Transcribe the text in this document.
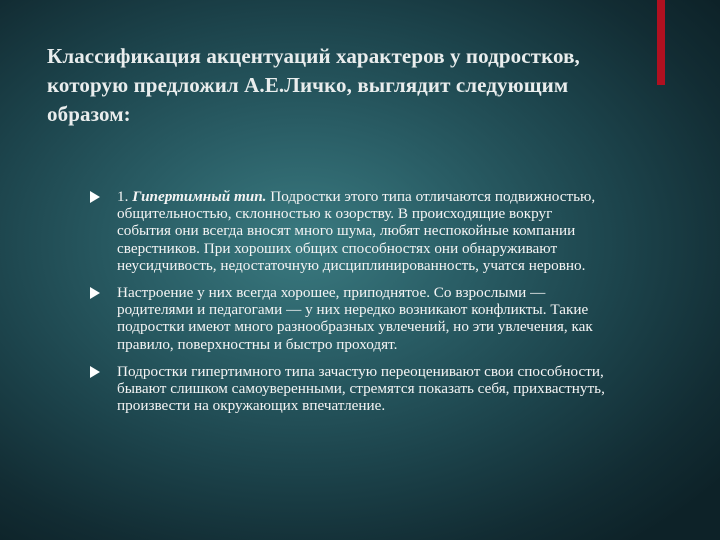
Классификация акцентуаций характеров у подростков, которую предложил А.Е.Личко, выглядит следующим образом:
1. Гипертимный тип. Подростки этого типа отличаются подвижностью, общительностью, склонностью к озорству. В происходящие вокруг события они всегда вносят много шума, любят неспокойные компании сверстников. При хороших общих способностях они обнаруживают неусидчивость, недостаточную дисциплинированность, учатся неровно.
Настроение у них всегда хорошее, приподнятое. Со взрослыми — родителями и педагогами — у них нередко возникают конфликты. Такие подростки имеют много разнообразных увлечений, но эти увлечения, как правило, поверхностны и быстро проходят.
Подростки гипертимного типа зачастую переоценивают свои способности, бывают слишком самоуверенными, стремятся показать себя, прихвастнуть, произвести на окружающих впечатление.
